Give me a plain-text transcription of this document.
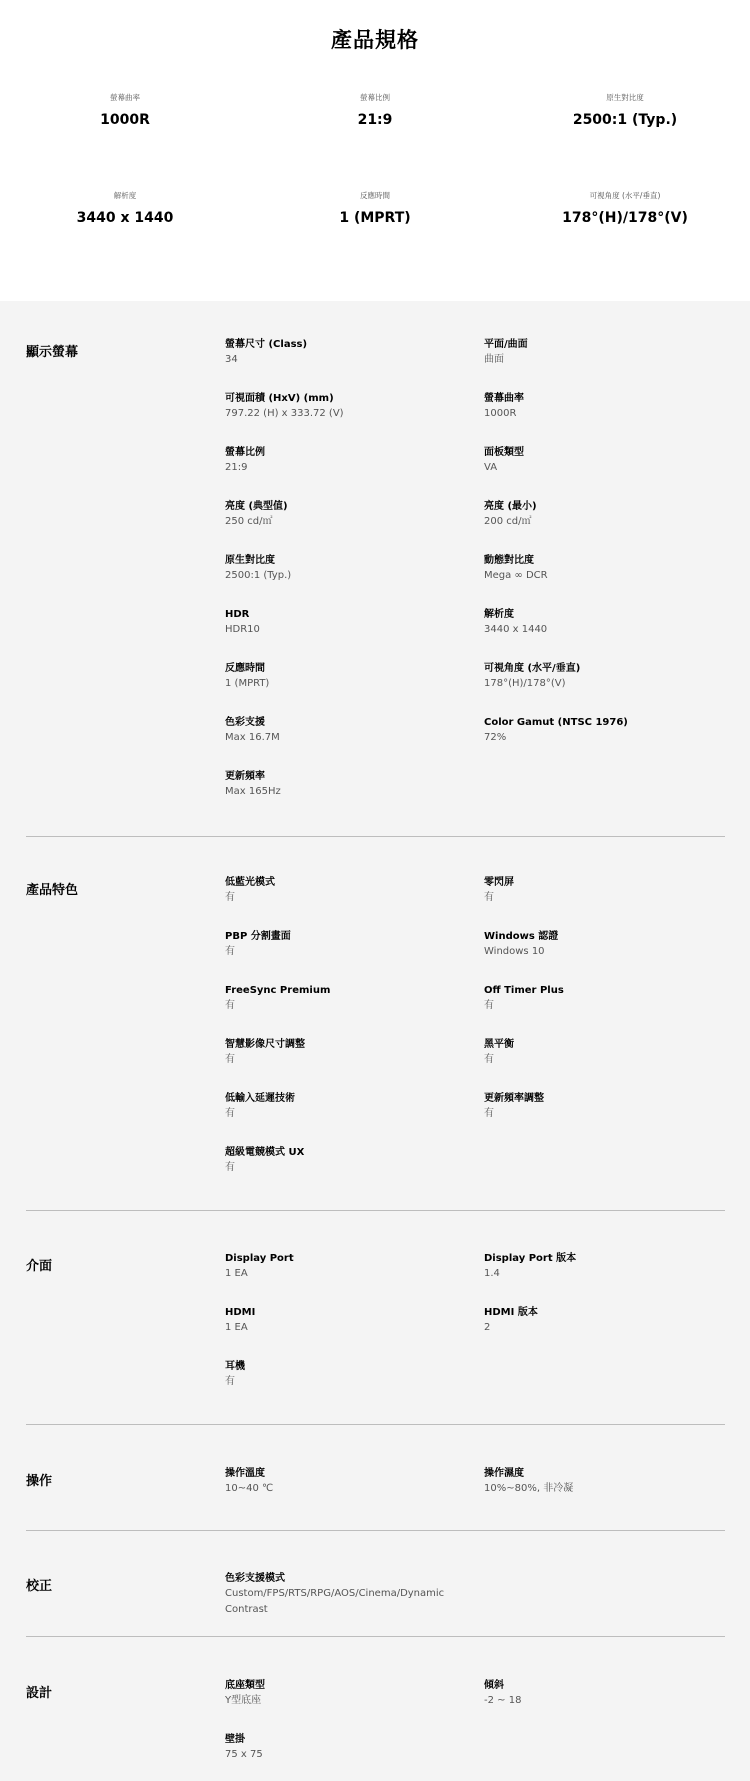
產品規格
螢幕曲率
1000R
螢幕比例
21:9
原生對比度
2500:1 (Typ.)
解析度
3440 x 1440
反應時間
1 (MPRT)
可視角度 (水平/垂直)
178°(H)/178°(V)
顯示螢幕
螢幕尺寸 (Class)
34
平面/曲面
曲面
可視面積 (HxV) (mm)
797.22 (H) x 333.72 (V)
螢幕曲率
1000R
螢幕比例
21:9
面板類型
VA
亮度 (典型值)
250 cd/㎡
亮度 (最小)
200 cd/㎡
原生對比度
2500:1 (Typ.)
動態對比度
Mega ∞ DCR
HDR
HDR10
解析度
3440 x 1440
反應時間
1 (MPRT)
可視角度 (水平/垂直)
178°(H)/178°(V)
色彩支援
Max 16.7M
Color Gamut (NTSC 1976)
72%
更新頻率
Max 165Hz
產品特色
低藍光模式
有
零閃屏
有
PBP 分割畫面
有
Windows 認證
Windows 10
FreeSync Premium
有
Off Timer Plus
有
智慧影像尺寸調整
有
黑平衡
有
低輸入延遲技術
有
更新頻率調整
有
超級電競模式 UX
有
介面
Display Port
1 EA
Display Port 版本
1.4
HDMI
1 EA
HDMI 版本
2
耳機
有
操作
操作溫度
10~40 ℃
操作濕度
10%~80%, 非冷凝
校正
色彩支援模式
Custom/FPS/RTS/RPG/AOS/Cinema/Dynamic Contrast
設計
底座類型
Y型底座
傾斜
-2 ~ 18
壁掛
75 x 75
